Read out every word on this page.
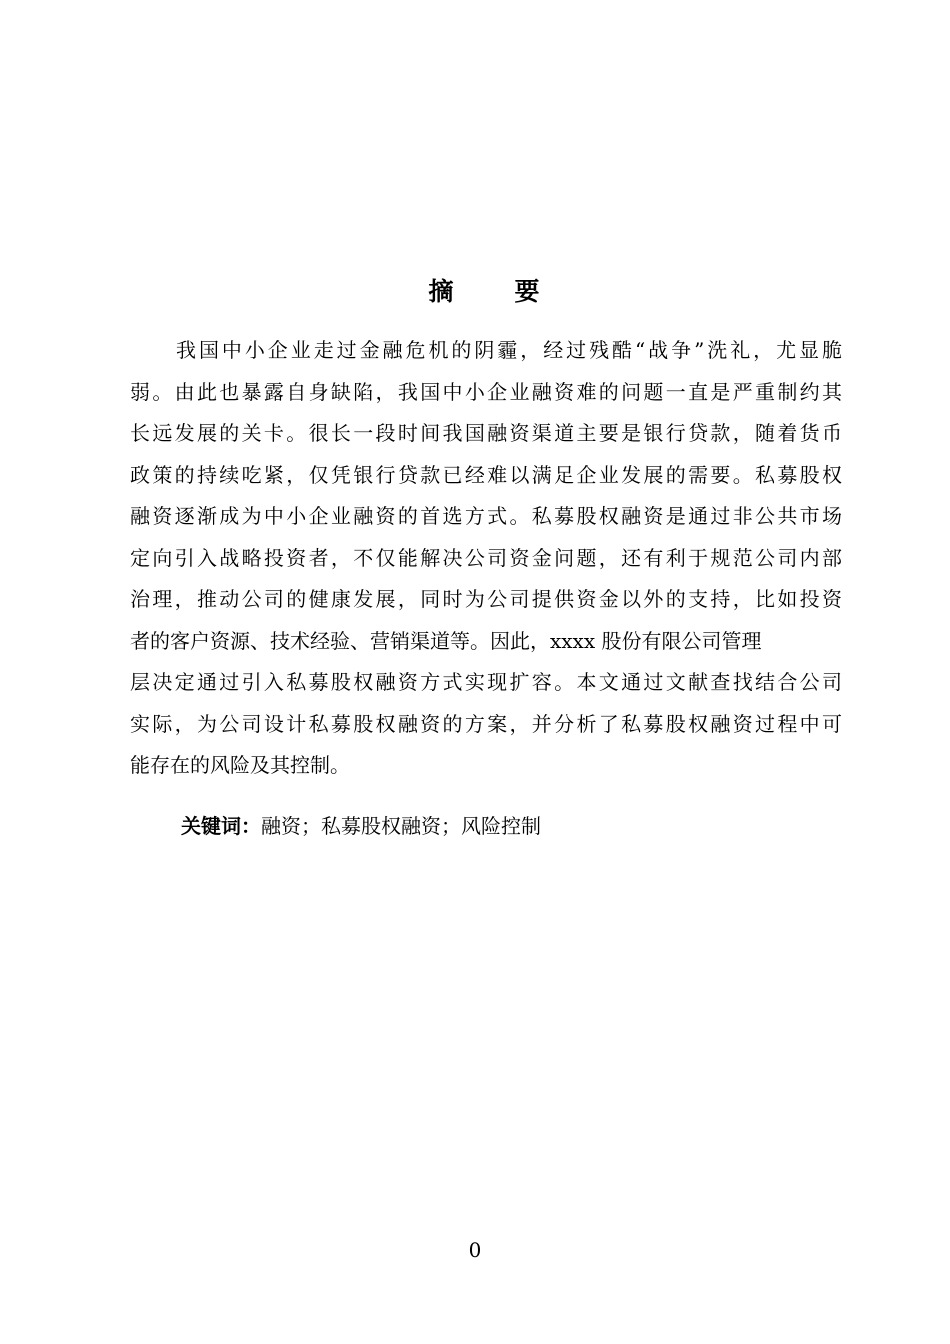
摘　要
我国中小企业走过金融危机的阴霾，经过残酷“战争”洗礼，尤显脆
弱。由此也暴露自身缺陷，我国中小企业融资难的问题一直是严重制约其
长远发展的关卡。很长一段时间我国融资渠道主要是银行贷款，随着货币
政策的持续吃紧，仅凭银行贷款已经难以满足企业发展的需要。私募股权
融资逐渐成为中小企业融资的首选方式。私募股权融资是通过非公共市场
定向引入战略投资者，不仅能解决公司资金问题，还有利于规范公司内部
治理，推动公司的健康发展，同时为公司提供资金以外的支持，比如投资
者的客户资源、技术经验、营销渠道等。因此，xxxx 股份有限公司管理
层决定通过引入私募股权融资方式实现扩容。本文通过文献查找结合公司
实际，为公司设计私募股权融资的方案，并分析了私募股权融资过程中可
能存在的风险及其控制。
关键词：融资；私募股权融资；风险控制
0
